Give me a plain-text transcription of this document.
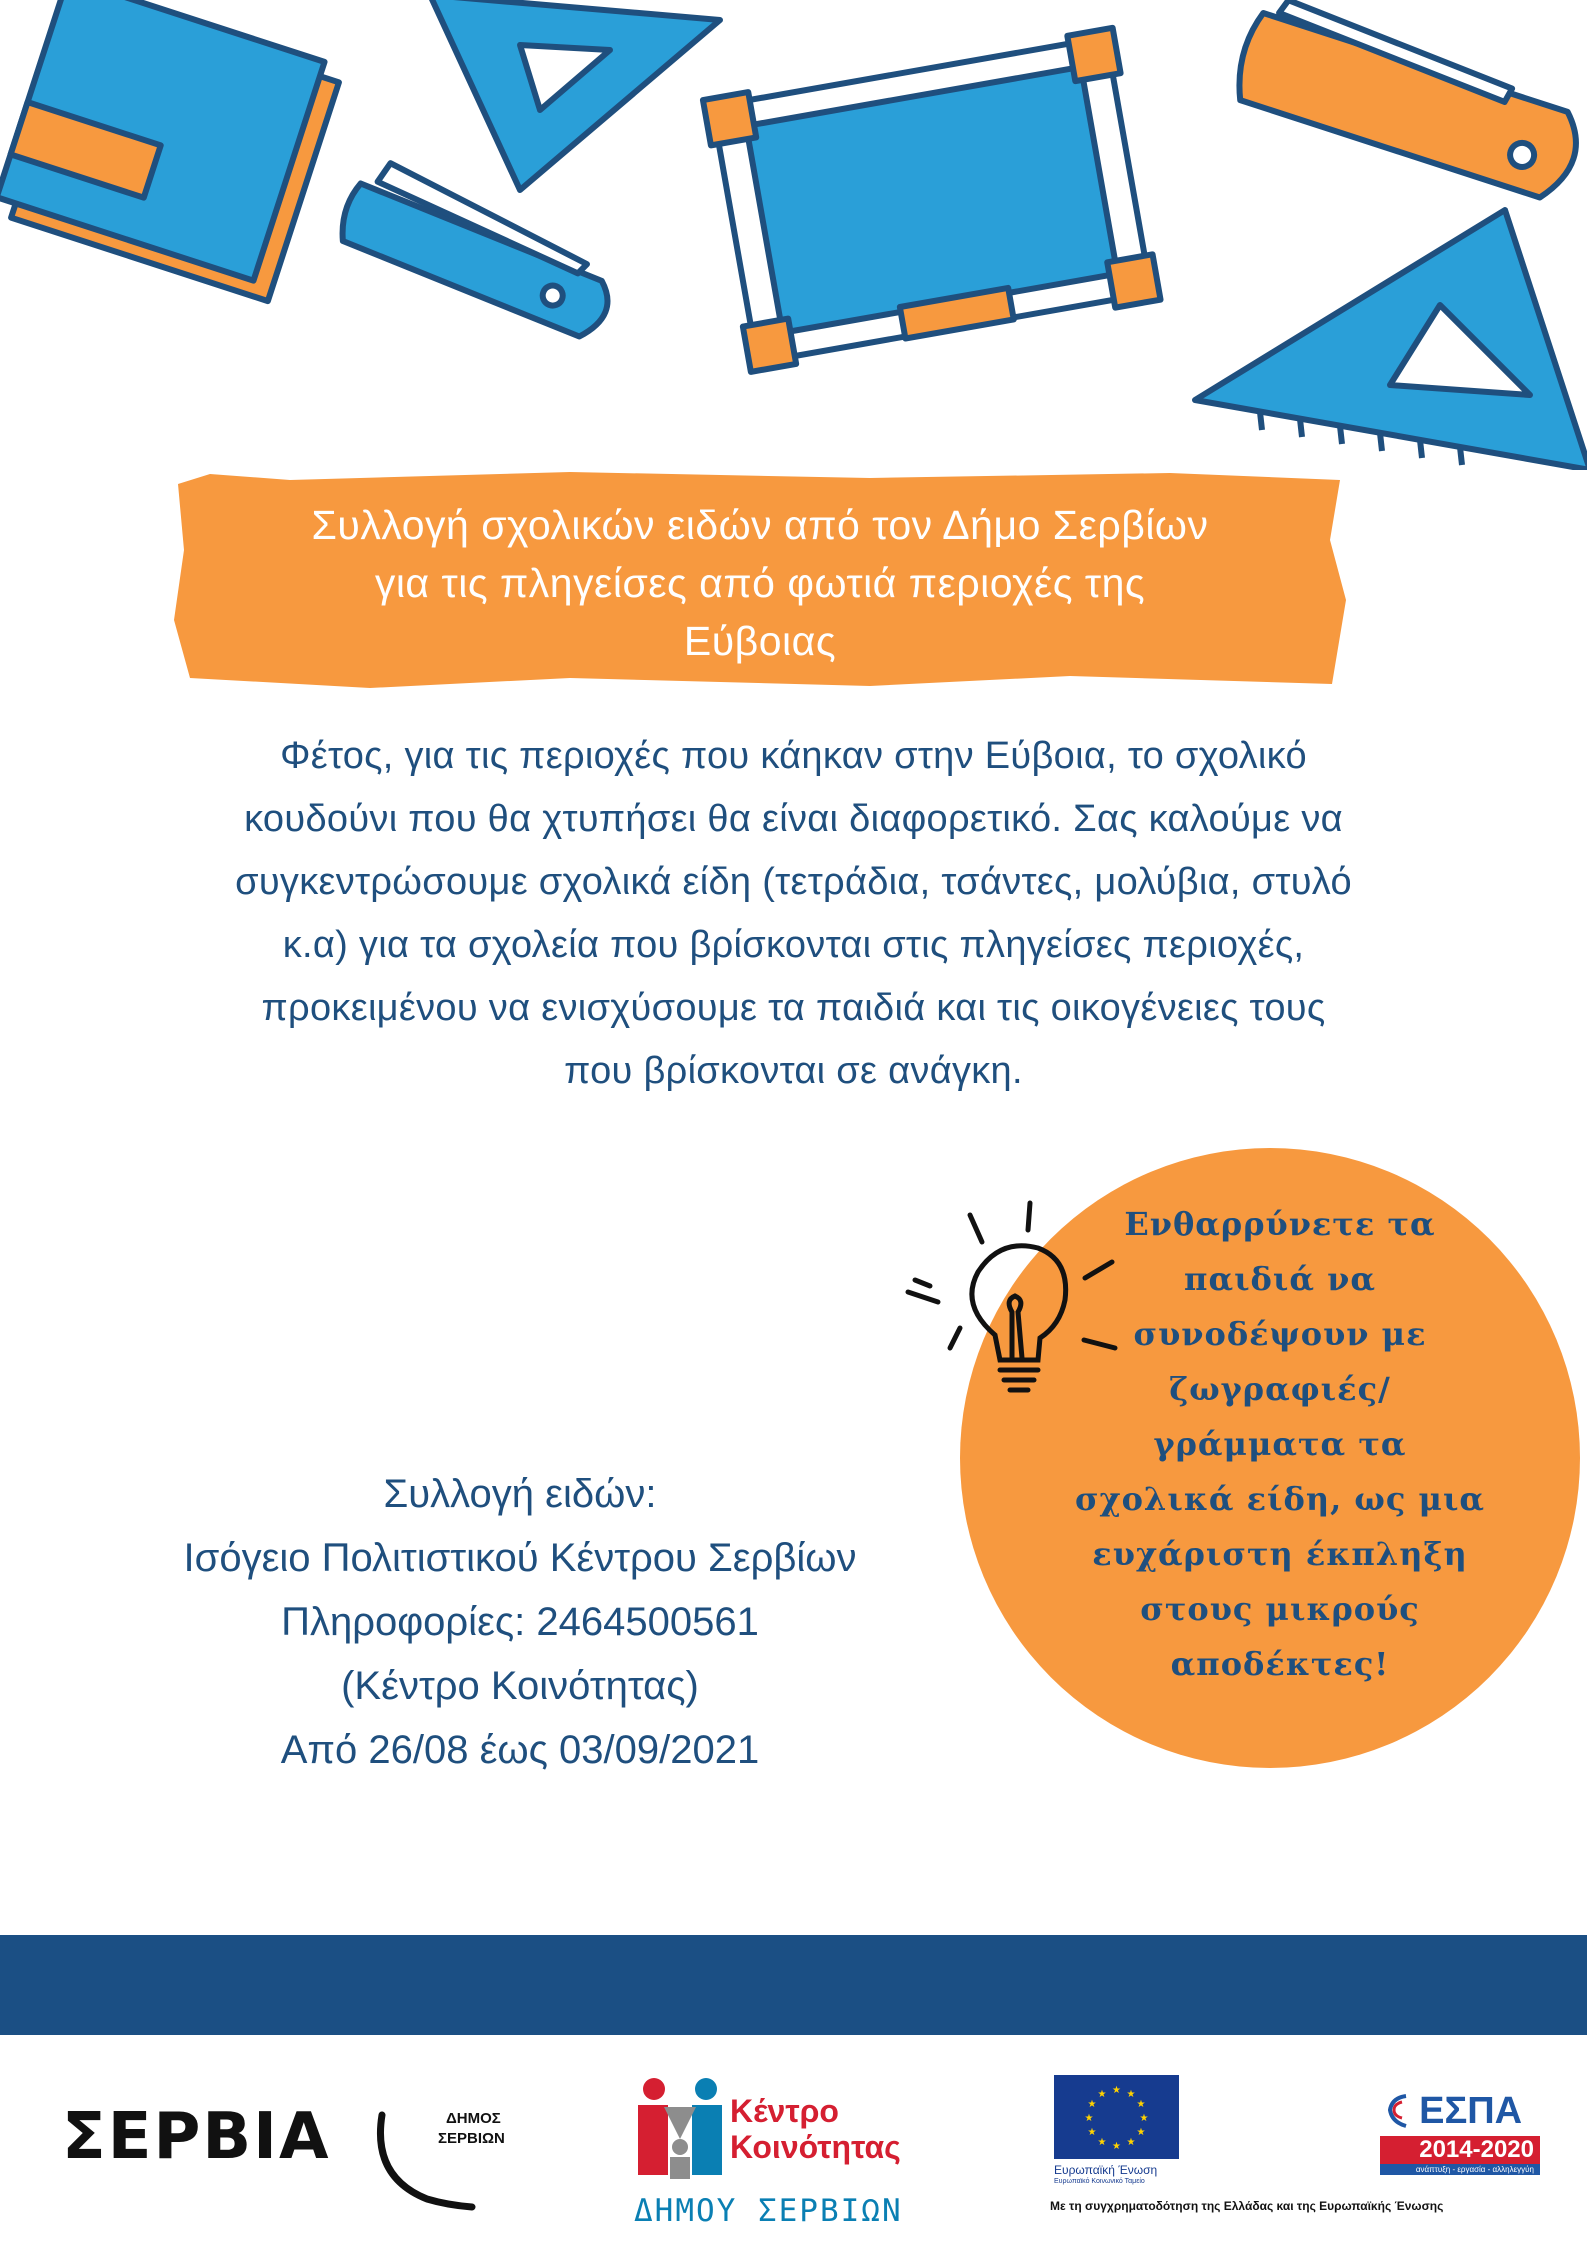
Συλλογή σχολικών ειδών από τον Δήμο Σερβίων
για τις πληγείσες από φωτιά περιοχές της
Εύβοιας
Φέτος, για τις περιοχές που κάηκαν στην Εύβοια, το σχολικό
κουδούνι που θα χτυπήσει θα είναι διαφορετικό. Σας καλούμε να
συγκεντρώσουμε σχολικά είδη (τετράδια, τσάντες, μολύβια, στυλό
κ.α) για τα σχολεία που βρίσκονται στις πληγείσες περιοχές,
προκειμένου να ενισχύσουμε τα παιδιά και τις οικογένειες τους
που βρίσκονται σε ανάγκη.
Ενθαρρύνετε τα
παιδιά να
συνοδέψουν με
ζωγραφιές/
γράμματα τα
σχολικά είδη, ως μια
ευχάριστη έκπληξη
στους μικρούς
αποδέκτες!
Συλλογή ειδών:
Ισόγειο Πολιτιστικού Κέντρου Σερβίων
Πληροφορίες: 2464500561
(Κέντρο Κοινότητας)
Από 26/08 έως 03/09/2021
ΣΕΡΒΙΑ	ΔΗΜΟΣ
ΣΕΡΒΙΩΝ
Κέντρο
Κοινότητας
ΔΗΜΟΥ ΣΕΡΒΙΩΝ
★ ★
★
★
★
★
★
★
★
★
★
★
Ευρωπαϊκή Ένωση
Ευρωπαϊκό Κοινωνικό Ταμείο
ΕΣΠΑ
2014-2020
ανάπτυξη - εργασία - αλληλεγγύη
Με τη συγχρηματοδότηση της Ελλάδας και της Ευρωπαϊκής Ένωσης
